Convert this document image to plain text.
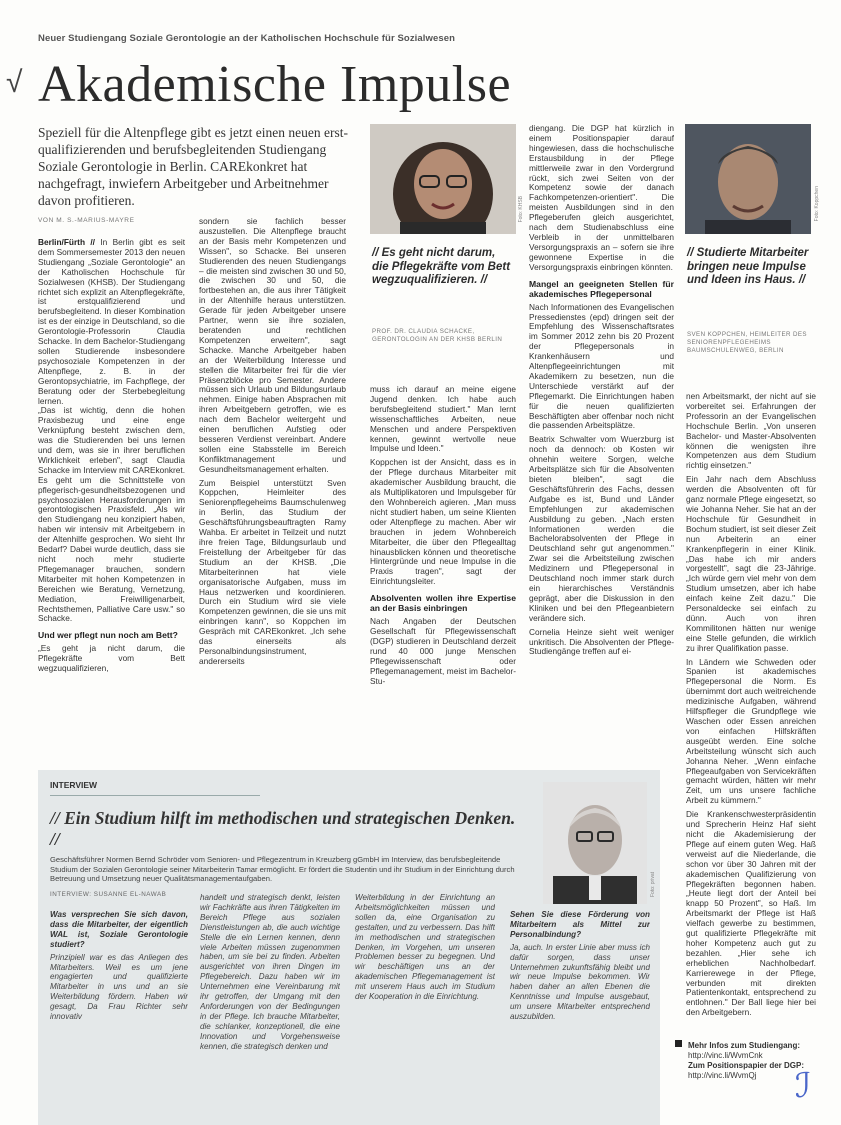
Neuer Studiengang Soziale Gerontologie an der Katholischen Hochschule für Sozialwesen
√ Akademische Impulse
Speziell für die Altenpflege gibt es jetzt einen neuen erst-qualifizierenden und berufsbegleitenden Studiengang Soziale Gerontologie in Berlin. CAREkonkret hat nachgefragt, inwiefern Arbeitgeber und Arbeitnehmer davon profitieren.
VON M. S.-MARIUS-MAYRE

Berlin/Fürth // In Berlin gibt es seit dem Sommersemester 2013 den neuen Studiengang „Soziale Gerontologie" an der Katholischen Hochschule für Sozialwesen (KHSB). Der Studiengang richtet sich explizit an Altenpflegekräfte, ist erstqualifizierend und berufsbegleitend. In dieser Kombination ist es der einzige in Deutschland, so die Gerontologie-Professorin Claudia Schacke. In dem Bachelor-Studiengang sollen Studierende insbesondere psychosoziale Kompetenzen in der Altenpflege, z. B. in der Gerontopsychiatrie, im Fachpflege, der Beratung oder der Sterbebegleitung lernen.

„Das ist wichtig, denn die hohen Praxisbezug und eine enge Verknüpfung besteht zwischen dem, was die Studierenden bei uns lernen und dem, was sie in ihrer beruflichen Wirklichkeit erleben", sagt Claudia Schacke im Interview mit CAREkonkret. Es geht um die Schnittstelle von pflegerisch-gesundheitsbezogenen und psychosozialen Herausforderungen im gerontologischen Praxisfeld. „Als wir den Studiengang neu konzipiert haben, haben wir intensiv mit Arbeitgebern in der Altenhilfe gesprochen. Wo sieht Ihr Bedarf? Dabei wurde deutlich, dass sie nicht noch mehr studierte Pflegemanager brauchen, sondern Mitarbeiter mit hohen Kompetenzen in Bereichen wie Beratung, Vernetzung, Mediation, Freiwilligenarbeit, Rechtsthemen, Palliative Care usw." so Schacke.

Und wer pflegt nun noch am Bett?

„Es geht ja nicht darum, die Pflegekräfte vom Bett wegzuqualifizieren,

sondern sie fachlich besser auszustellen. Die Altenpflege braucht an der Basis mehr Kompetenzen und Wissen", so Schacke. Bei unseren Studierenden des neuen Studiengangs – die meisten sind zwischen 30 und 50, die zwischen 30 und 50, die fortbestehen an, die aus ihrer Tätigkeit in der Altenhilfe heraus unterstützen. Gerade für jeden Arbeitgeber unsere Partner, wenn sie ihre sozialen, beratenden und rechtlichen Kompetenzen erweitern", sagt Schacke. Manche Arbeitgeber haben an der Weiterbildung Interesse und stellen die Mitarbeiter frei für die vier Präsenzblöcke pro Semester. Andere müssen sich Urlaub und Bildungsurlaub nehmen. Einige haben Absprachen mit ihren Arbeitgebern getroffen, wie es nach dem Bachelor weitergeht und einen beruflichen Aufstieg oder besseren Verdienst vereinbart. Andere sollen eine Stabsstelle im Bereich Konfliktmanagement und Gesundheitsmanagement erhalten.

Zum Beispiel unterstützt Sven Koppchen, Heimleiter des Seniorenpflegeheims Baumschulenweg in Berlin, das Studium der Geschäftsführungsbeauftragten Ramy Wahba. Er arbeitet in Teilzeit und nutzt ihre freien Tage, Bildungsurlaub und Freistellung der Arbeitgeber für das Studium an der KHSB. „Die Mitarbeiterinnen hat viele organisatorische Aufgaben, muss im Haus netzwerken und koordinieren. Durch ein Studium wird sie viele Kompetenzen gewinnen, die sie uns mit einbringen kann", so Koppchen im Gespräch mit CAREkonkret. „Ich sehe das einerseits als Personalbindungsinstrument, andererseits

Foto: KHSB
// Es geht nicht darum, die Pflegekräfte vom Bett wegzuqualifizieren. //
PROF. DR. CLAUDIA SCHACKE, GERONTOLOGIN AN DER KHSB BERLIN

muss ich darauf an meine eigene Jugend denken. Ich habe auch berufsbegleitend studiert." Man lernt wissenschaftliches Arbeiten, neue Menschen und andere Perspektiven kennen, gewinnt wertvolle neue Impulse und Ideen."

Koppchen ist der Ansicht, dass es in der Pflege durchaus Mitarbeiter mit akademischer Ausbildung braucht, die als Multiplikatoren und Impulsgeber für den Wohnbereich agieren. „Man muss nicht studiert haben, um seine Klienten oder Altenpflege zu machen. Aber wir brauchen in jedem Wohnbereich Mitarbeiter, die über den Pflegealltag hinausblicken können und theoretische Hintergründe und neue Impulse in die Praxis tragen", sagt der Einrichtungsleiter.

Absolventen wollen ihre Expertise an der Basis einbringen

Nach Angaben der Deutschen Gesellschaft für Pflegewissenschaft (DGP) studieren in Deutschland derzeit rund 40 000 junge Menschen Pflegewissenschaft oder Pflegemanagement, meist im Bachelor-Stu-

diengang. Die DGP hat kürzlich in einem Positionspapier darauf hingewiesen, dass die hochschulische Erstausbildung in der Pflege mittlerweile zwar in den Vordergrund rückt, sich zwei Seiten von der Kompetenz sowie der danach Fachkompetenzen-orientiert". Die meisten Ausbildungen sind in den Pflegeberufen gleich ausgerichtet, nach dem Studienabschluss eine Verbleib in der unmittelbaren Versorgungspraxis an – sofern sie ihre gewonnene Expertise in die Versorgungspraxis einbringen könnten.

Mangel an geeigneten Stellen für akademisches Pflegepersonal

Nach Informationen des Evangelischen Pressedienstes (epd) dringen seit der Empfehlung des Wissenschaftsrates im Sommer 2012 zehn bis 20 Prozent der Pflegepersonals in Krankenhäusern und Altenpflegeeinrichtungen mit Akademikern zu besetzen, nun die Unterschiede verstärkt auf der Pflegemarkt. Die Einrichtungen haben für die neuen qualifizierten Beschäftigten aber offenbar noch nicht die passenden Arbeitsplätze.

Beatrix Schwalter vom Wuerzburg ist noch da dennoch: ob Kosten wir ohnehin weitere Sorgen, welche Arbeitsplätze sich für die Absolventen bieten bleiben", sagt die Geschäftsführerin des Fachs, dessen Aufgabe es ist, Bund und Länder Empfehlungen zur akademischen Ausbildung zu geben. „Nach ersten Informationen werden die Bachelorabsolventen der Pflege in Deutschland sehr gut angenommen." Zwar sei die Arbeitsteilung zwischen Medizinern und Pflegepersonal in Deutschland noch immer stark durch ein hierarchisches Verständnis geprägt, aber die Diskussion in den Kliniken und bei den Pflegeanbietern verändere sich.

Cornelia Heinze sieht weit weniger unkritisch. Die Absolventen der Pflege-Studiengänge treffen auf ei-

Foto: Koppchen
// Studierte Mitarbeiter bringen neue Impulse und Ideen ins Haus. //
SVEN KOPPCHEN, HEIMLEITER DES SENIORENPFLEGEHEIMS BAUMSCHULENWEG, BERLIN

nen Arbeitsmarkt, der nicht auf sie vorbereitet sei. Erfahrungen der Professorin an der Evangelischen Hochschule Berlin. „Von unseren Bachelor- und Master-Absolventen können die wenigsten ihre Kompetenzen aus dem Studium richtig einsetzen."

Ein Jahr nach dem Abschluss werden die Absolventen oft für ganz normale Pflege eingesetzt, so wie Johanna Neher. Sie hat an der Hochschule für Gesundheit in Bochum studiert, ist seit dieser Zeit nun Arbeiterin an einer Krankenpflegerin in einer Klinik. „Das habe ich mir anders vorgestellt", sagt die 23-Jährige. „Ich würde gern viel mehr von dem Studium umsetzen, aber ich habe einfach keine Zeit dazu." Die Personaldecke sei einfach zu dünn. Auch von ihren Kommilitonen hätten nur wenige eine Stelle gefunden, die wirklich zu ihrer Qualifikation passe.

In Ländern wie Schweden oder Spanien ist akademisches Pflegepersonal die Norm. Es übernimmt dort auch weitreichende medizinische Aufgaben, während Hilfspfleger die Grundpflege wie Waschen oder Essen anreichen von einfachen Hilfskräften ausgeübt werden. Eine solche Arbeitsteilung wünscht sich auch Johanna Neher. „Wenn einfache Pflegeaufgaben von Servicekräften gemacht würden, hätten wir mehr Zeit, um uns unsere fachliche Arbeit zu kümmern."

Die Krankenschwesterpräsidentin und Sprecherin Heinz Haf sieht nicht die Akademisierung der Pflege auf einem guten Weg. Haß verweist auf die Niederlande, die schon vor über 30 Jahren mit der akademischen Qualifizierung von Pflegekräften begonnen haben. „Heute liegt dort der Anteil bei knapp 50 Prozent", so Haß. Im Arbeitsmarkt der Pflege ist Haß vielfach gewerbe zu bestimmen, gut qualifizierte Pflegekräfte mit hoher Kompetenz auch gut zu bezahlen. „Hier sehe ich erheblichen Nachholbedarf. Karrierewege in der Pflege, verbunden mit direkten Patientenkontakt, entsprechend zu entlohnen." Der Ball liege hier bei den Arbeitgebern.

INTERVIEW
// Ein Studium hilft im methodischen und strategischen Denken. //
Geschäftsführer Normen Bernd Schröder vom Senioren- und Pflegezentrum in Kreuzberg gGmbH im Interview, das berufsbegleitende Studium der Sozialen Gerontologie seiner Mitarbeiterin Tamar ermöglicht. Er fördert die Studentin und ihr Studium in der Einrichtung durch Betreuung und Umsetzung neuer Qualitätsmanagementaufgaben.
INTERVIEW: SUSANNE EL-NAWAB	Foto: privat

Was versprechen Sie sich davon, dass die Mitarbeiter, der eigentlich WAL ist, Soziale Gerontologie studiert?

Prinzipiell war es das Anliegen des Mitarbeiters. Weil es um jene engagierten und qualifizierte Mitarbeiter in uns und an sie Weiterbildung fördern. Haben wir gesagt, Da Frau Richter sehr innovativ

handelt und strategisch denkt, leisten wir Fachkräfte aus ihren Tätigkeiten im Bereich Pflege aus sozialen Dienstleistungen ab, die auch wichtige Stelle die ein Lernen kennen, denn viele Arbeiten müssen zugenommen haben, um sie bei zu finden. Arbeiten ausgerichtet von ihren Dingen im Pflegebereich. Dazu haben wir im Unternehmen eine Vereinbarung mit ihr getroffen, der Umgang mit den Anforderungen von der Bedingungen in der Pflege. Ich brauche Mitarbeiter, die schlanker, konzeptionell, die eine Innovation und Vorgehensweise kennen, die strategisch denken und

Weiterbildung in der Einrichtung an Arbeitsmöglichkeiten müssen und sollen da, eine Organisation zu gestalten, und zu verbessern. Das hilft im methodischen und strategischen Denken, im Vorgehen, um unseren Problemen besser zu begegnen. Und wir beschäftigen uns an der akademischen Pflegemanagement ist mit unserem Haus auch im Studium der Kooperation in die Einrichtung.

Sehen Sie diese Förderung von Mitarbeitern als Mittel zur Personalbindung?

Ja, auch. In erster Linie aber muss ich dafür sorgen, dass unser Unternehmen zukunftsfähig bleibt und wir neue Impulse bekommen. Wir haben daher an allen Ebenen die Kenntnisse und Impulse ausgebaut, um unsere Mitarbeiter entsprechend auszubilden.

Mehr Infos zum Studiengang:
http://vinc.li/WvmCnk
Zum Positionspapier der DGP:
http://vinc.li/WvmQj	ℐ
